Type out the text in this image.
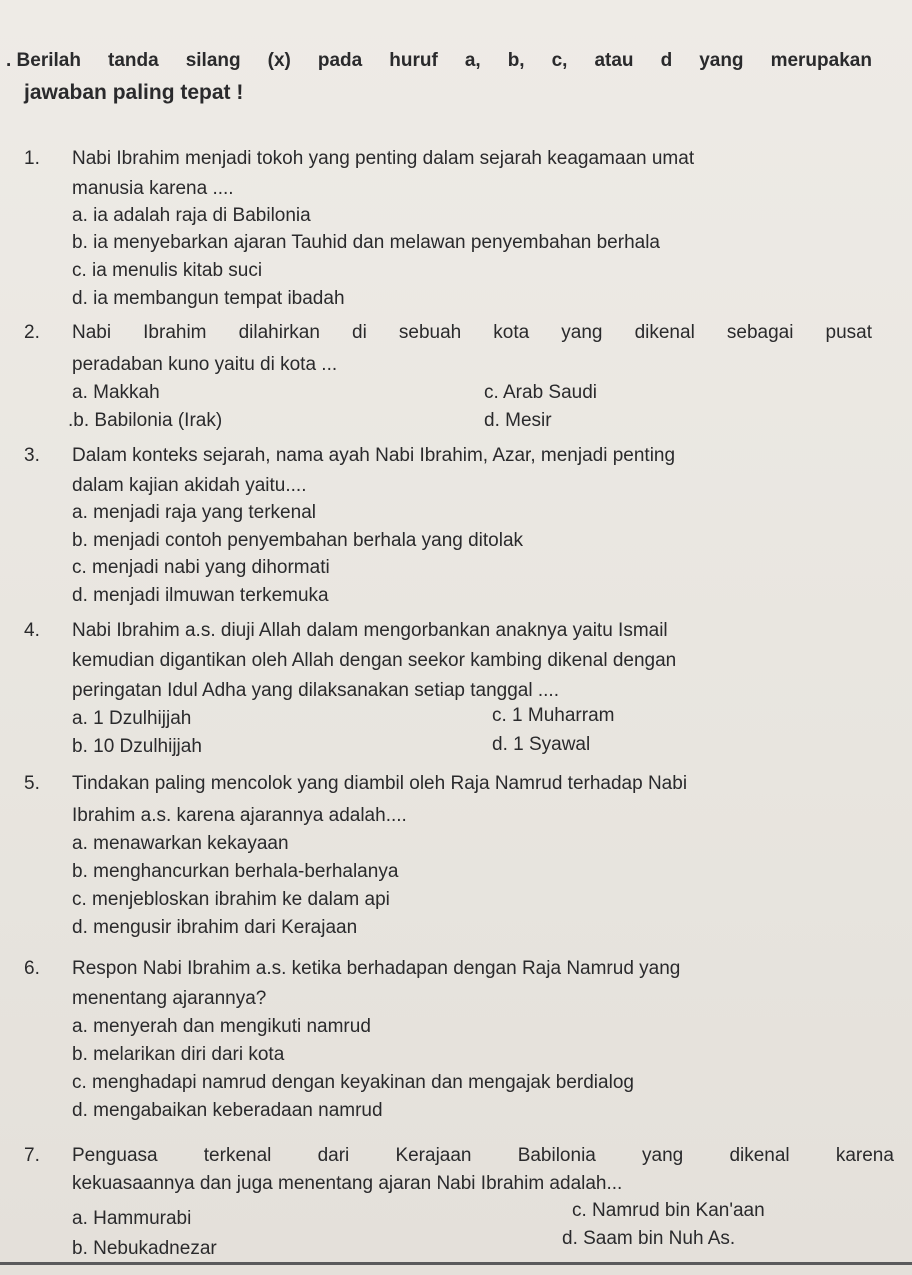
. Berilah tanda silang (x) pada huruf a, b, c, atau d yang merupakan
jawaban paling tepat !
1. Nabi Ibrahim menjadi tokoh yang penting dalam sejarah keagamaan umat
manusia karena ....
a. ia adalah raja di Babilonia
b. ia menyebarkan ajaran Tauhid dan melawan penyembahan berhala
c. ia menulis kitab suci
d. ia membangun tempat ibadah
2. Nabi Ibrahim dilahirkan di sebuah kota yang dikenal sebagai pusat
peradaban kuno yaitu di kota ...
a. Makkah	c. Arab Saudi
.b. Babilonia (Irak)	d. Mesir
3. Dalam konteks sejarah, nama ayah Nabi Ibrahim, Azar, menjadi penting
dalam kajian akidah yaitu....
a. menjadi raja yang terkenal
b. menjadi contoh penyembahan berhala yang ditolak
c. menjadi nabi yang dihormati
d. menjadi ilmuwan terkemuka
4. Nabi Ibrahim a.s. diuji Allah dalam mengorbankan anaknya yaitu Ismail
kemudian digantikan oleh Allah dengan seekor kambing dikenal dengan
peringatan Idul Adha yang dilaksanakan setiap tanggal ....
a. 1 Dzulhijjah	c. 1 Muharram
b. 10 Dzulhijjah	d. 1 Syawal
5. Tindakan paling mencolok yang diambil oleh Raja Namrud terhadap Nabi
Ibrahim a.s. karena ajarannya adalah....
a. menawarkan kekayaan
b. menghancurkan berhala-berhalanya
c. menjebloskan ibrahim ke dalam api
d. mengusir ibrahim dari Kerajaan
6. Respon Nabi Ibrahim a.s. ketika berhadapan dengan Raja Namrud yang
menentang ajarannya?
a. menyerah dan mengikuti namrud
b. melarikan diri dari kota
c. menghadapi namrud dengan keyakinan dan mengajak berdialog
d. mengabaikan keberadaan namrud
7. Penguasa terkenal dari Kerajaan Babilonia yang dikenal karena
kekuasaannya dan juga menentang ajaran Nabi Ibrahim adalah...
a. Hammurabi	c. Namrud bin Kan'aan
b. Nebukadnezar	d. Saam bin Nuh As.
